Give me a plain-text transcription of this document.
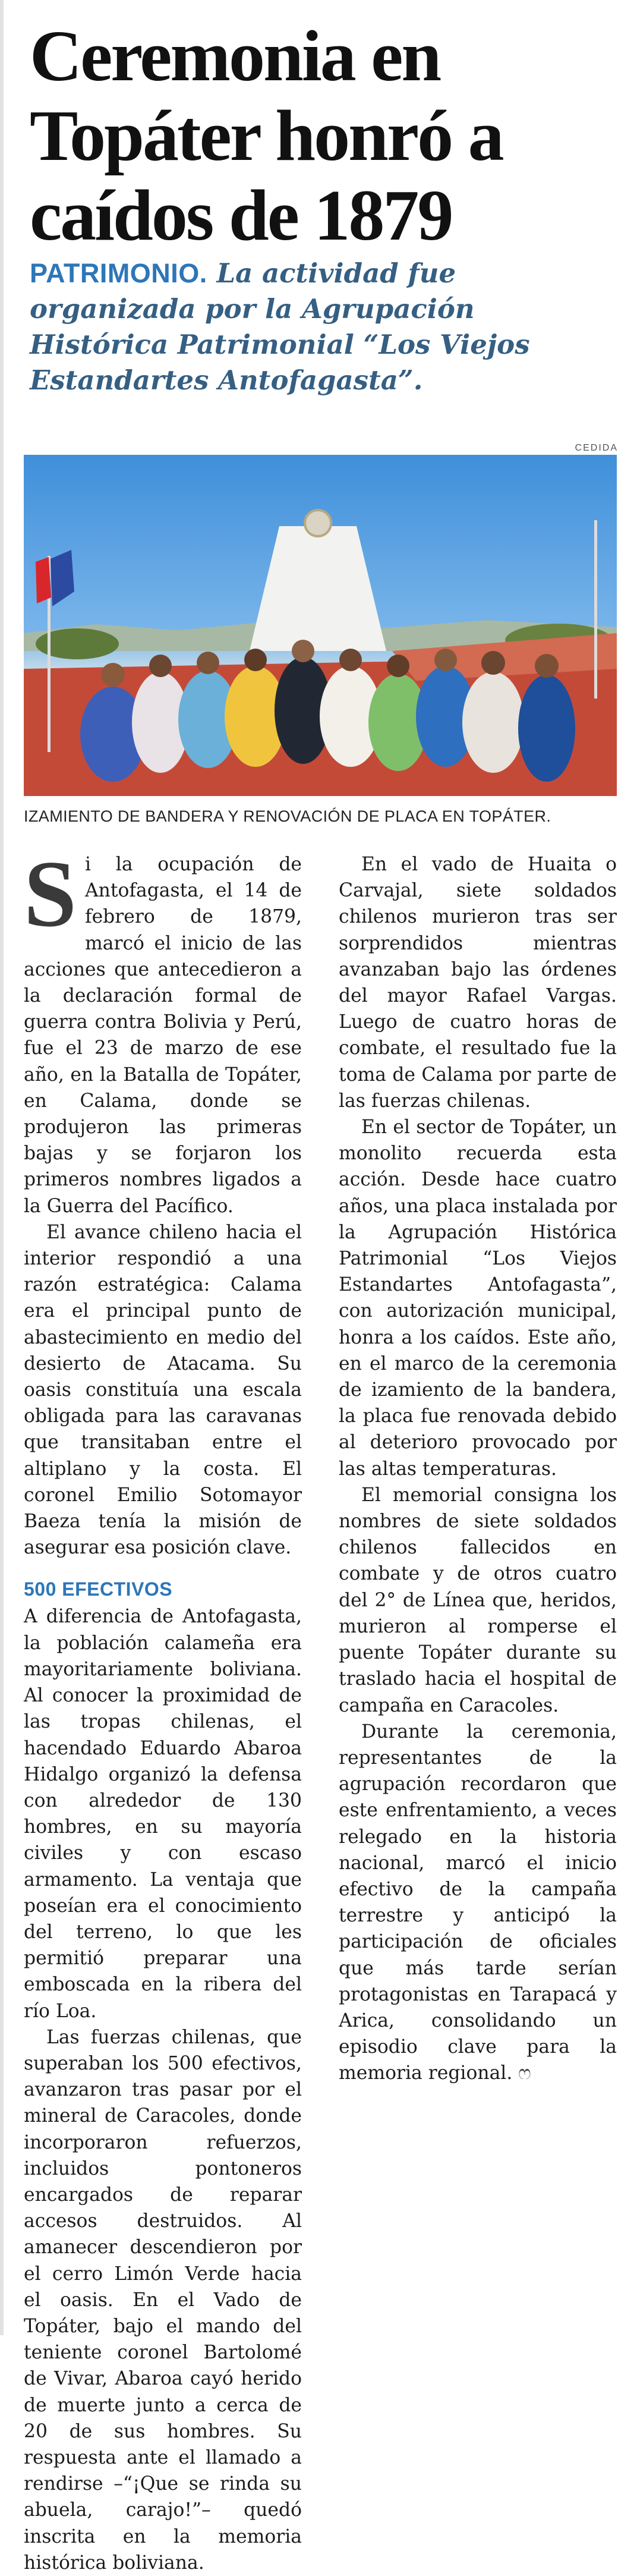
Ceremonia en
Topáter honró a
caídos de 1879
PATRIMONIO. La actividad fue organizada por la Agrupación Histórica Patrimonial “Los Viejos Estandartes Antofagasta”.
CEDIDA
IZAMIENTO DE BANDERA Y RENOVACIÓN DE PLACA EN TOPÁTER.

Si la ocupación de Antofagasta, el 14 de febrero de 1879, marcó el inicio de las acciones que antecedieron a la declaración formal de guerra contra Bolivia y Perú, fue el 23 de marzo de ese año, en la Batalla de Topáter, en Calama, donde se produjeron las primeras bajas y se forjaron los primeros nombres ligados a la Guerra del Pacífico.

El avance chileno hacia el interior respondió a una razón estratégica: Calama era el principal punto de abastecimiento en medio del desierto de Atacama. Su oasis constituía una escala obligada para las caravanas que transitaban entre el altiplano y la costa. El coronel Emilio Sotomayor Baeza tenía la misión de asegurar esa posición clave.

500 EFECTIVOS

A diferencia de Antofagasta, la población calameña era mayoritariamente boliviana. Al conocer la proximidad de las tropas chilenas, el hacendado Eduardo Abaroa Hidalgo organizó la defensa con alrededor de 130 hombres, en su mayoría civiles y con escaso armamento. La ventaja que poseían era el conocimiento del terreno, lo que les permitió preparar una emboscada en la ribera del río Loa.

Las fuerzas chilenas, que superaban los 500 efectivos, avanzaron tras pasar por el mineral de Caracoles, donde incorporaron refuerzos, incluidos pontoneros encargados de reparar accesos destruidos. Al amanecer descendieron por el cerro Limón Verde hacia el oasis. En el Vado de Topáter, bajo el mando del teniente coronel Bartolomé de Vivar, Abaroa cayó herido de muerte junto a cerca de 20 de sus hombres. Su respuesta ante el llamado a rendirse –“¡Que se rinda su abuela, carajo!”– quedó inscrita en la memoria histórica boliviana.

En el vado de Huaita o Carvajal, siete soldados chilenos murieron tras ser sorprendidos mientras avanzaban bajo las órdenes del mayor Rafael Vargas. Luego de cuatro horas de combate, el resultado fue la toma de Calama por parte de las fuerzas chilenas.

En el sector de Topáter, un monolito recuerda esta acción. Desde hace cuatro años, una placa instalada por la Agrupación Histórica Patrimonial “Los Viejos Estandartes Antofagasta”, con autorización municipal, honra a los caídos. Este año, en el marco de la ceremonia de izamiento de la bandera, la placa fue renovada debido al deterioro provocado por las altas temperaturas.

El memorial consigna los nombres de siete soldados chilenos fallecidos en combate y de otros cuatro del 2° de Línea que, heridos, murieron al romperse el puente Topáter durante su traslado hacia el hospital de campaña en Caracoles.

Durante la ceremonia, representantes de la agrupación recordaron que este enfrentamiento, a veces relegado en la historia nacional, marcó el inicio efectivo de la campaña terrestre y anticipó la participación de oficiales que más tarde serían protagonistas en Tarapacá y Arica, consolidando un episodio clave para la memoria regional. ෆ
